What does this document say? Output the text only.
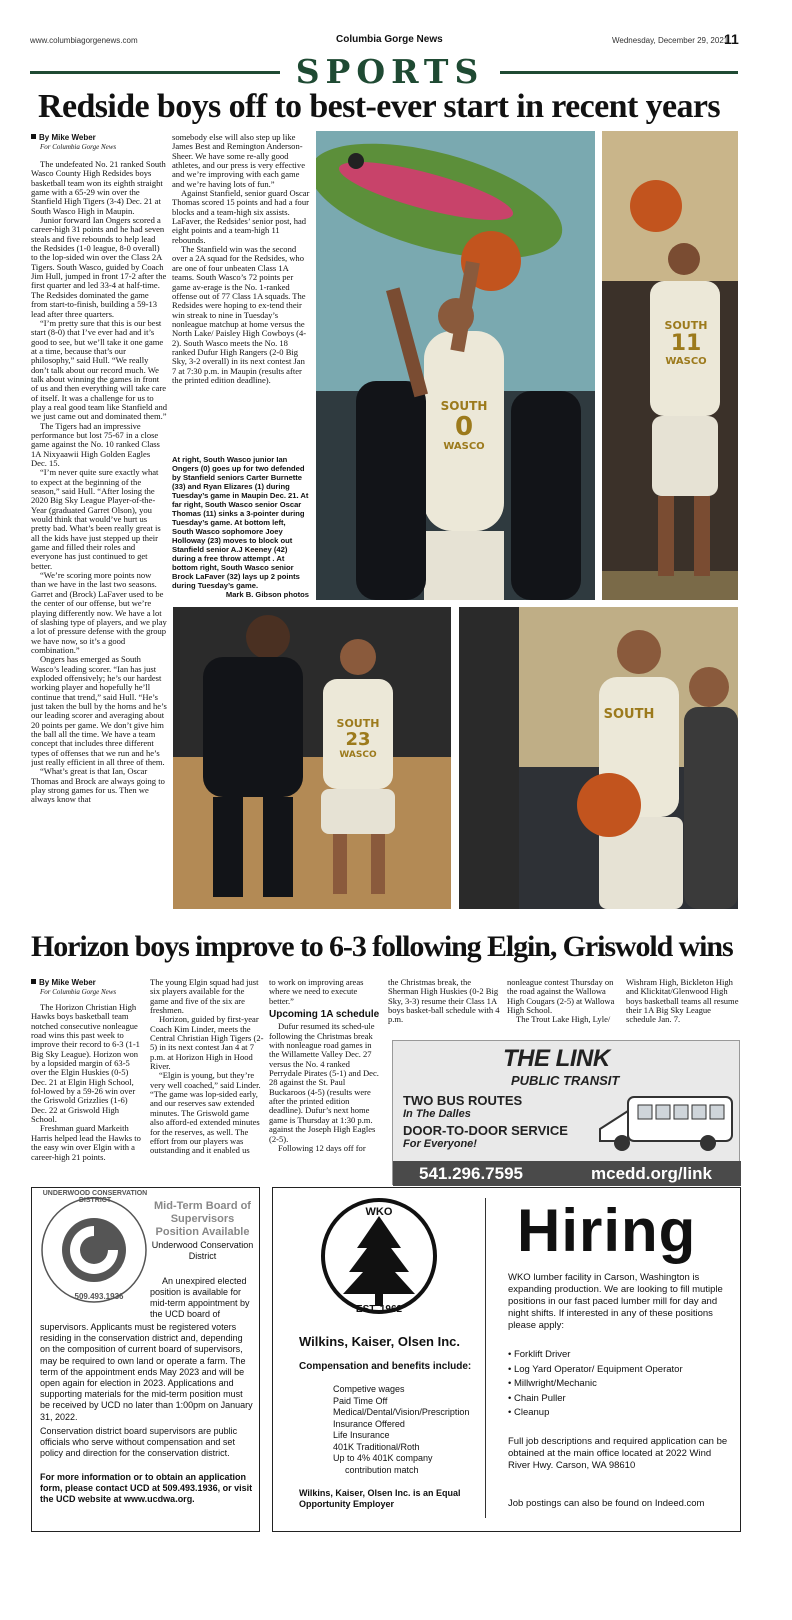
www.columbiagorgenews.com	Columbia Gorge News	Wednesday, December 29, 2021
11
SPORTS
Redside boys off to best-ever start in recent years
By Mike Weber
For Columbia Gorge News

The undefeated No. 21 ranked South Wasco County High Redsides boys basketball team won its eighth straight game with a 65-29 win over the Stanfield High Tigers (3-4) Dec. 21 at South Wasco High in Maupin.

Junior forward Ian Ongers scored a career-high 31 points and he had seven steals and five rebounds to help lead the Redsides (1-0 league, 8-0 overall) to the lop-sided win over the Class 2A Tigers. South Wasco, guided by Coach Jim Hull, jumped in front 17-2 after the first quarter and led 33-4 at half-time. The Redsides dominated the game from start-to-finish, building a 59-13 lead after three quarters.

“I’m pretty sure that this is our best start (8-0) that I’ve ever had and it’s good to see, but we’ll take it one game at a time, because that’s our philosophy,” said Hull. “We really don’t talk about our record much. We talk about winning the games in front of us and then everything will take care of itself. It was a challenge for us to play a real good team like Stanfield and we just came out and dominated them.”

The Tigers had an impressive performance but lost 75-67 in a close game against the No. 10 ranked Class 1A Nixyaawii High Golden Eagles Dec. 15.

“I’m never quite sure exactly what to expect at the beginning of the season,” said Hull. “After losing the 2020 Big Sky League Player-of-the-Year (graduated Garret Olson), you would think that would’ve hurt us pretty bad. What’s been really great is all the kids have just stepped up their game and filled their roles and everyone has just continued to get better.

“We’re scoring more points now than we have in the last two seasons. Garret and (Brock) LaFaver used to be the center of our offense, but we’re playing differently now. We have a lot of slashing type of players, and we play a lot of pressure defense with the group we have now, so it’s a good combination.”

Ongers has emerged as South Wasco’s leading scorer. “Ian has just exploded offensively; he’s our hardest working player and hopefully he’ll continue that trend,” said Hull. “He’s just taken the bull by the horns and he’s our leading scorer and averaging about 20 points per game. We don’t give him the ball all the time. We have a team concept that includes three different types of offenses that we run and he’s just really efficient in all three of them.

“What’s great is that Ian, Oscar Thomas and Brock are always going to play strong games for us. Then we always know that

somebody else will also step up like James Best and Remington Anderson-Sheer. We have some re-ally good athletes, and our press is very effective and we’re improving with each game and we’re having lots of fun.”

Against Stanfield, senior guard Oscar Thomas scored 15 points and had a four blocks and a team-high six assists. LaFaver, the Redsides’ senior post, had eight points and a team-high 11 rebounds.

The Stanfield win was the second over a 2A squad for the Redsides, who are one of four unbeaten Class 1A teams. South Wasco’s 72 points per game av-erage is the No. 1-ranked offense out of 77 Class 1A squads. The Redsides were hoping to ex-tend their win streak to nine in Tuesday’s nonleague matchup at home versus the North Lake/ Paisley High Cowboys (4-2). South Wasco meets the No. 18 ranked Dufur High Rangers (2-0 Big Sky, 3-2 overall) in its next contest Jan 7 at 7:30 p.m. in Maupin (results after the printed edition deadline).

At right, South Wasco junior Ian Ongers (0) goes up for two defended by Stanfield seniors Carter Burnette (33) and Ryan Elizares (1) during Tuesday’s game in Maupin Dec. 21. At far right, South Wasco senior Oscar Thomas (11) sinks a 3-pointer during Tuesday’s game. At bottom left, South Wasco sophomore Joey Holloway (23) moves to block out Stanfield senior A.J Keeney (42) during a free throw attempt . At bottom right, South Wasco senior Brock LaFaver (32) lays up 2 points during Tuesday’s game.
Mark B. Gibson photos
SOUTH
0
WASCO
SOUTH
11
WASCO
SOUTH
23
WASCO
SOUTH
Horizon boys improve to 6-3 following Elgin, Griswold wins
By Mike Weber
For Columbia Gorge News

The Horizon Christian High Hawks boys basketball team notched consecutive nonleague road wins this past week to improve their record to 6-3 (1-1 Big Sky League). Horizon won by a lopsided margin of 63-5 over the Elgin Huskies (0-5) Dec. 21 at Elgin High School, fol-lowed by a 59-26 win over the Griswold Grizzlies (1-6) Dec. 22 at Griswold High School.

Freshman guard Markeith Harris helped lead the Hawks to the easy win over Elgin with a career-high 21 points.

The young Elgin squad had just six players available for the game and five of the six are freshmen.

Horizon, guided by first-year Coach Kim Linder, meets the Central Christian High Tigers (2-5) in its next contest Jan 4 at 7 p.m. at Horizon High in Hood River.

“Elgin is young, but they’re very well coached,” said Linder. “The game was lop-sided early, and our reserves saw extended minutes. The Griswold game also afford-ed extended minutes for the reserves, as well. The effort from our players was outstanding and it enabled us

to work on improving areas where we need to execute better.”

Upcoming 1A schedule

Dufur resumed its sched-ule following the Christmas break with nonleague road games in the Willamette Valley Dec. 27 versus the No. 4 ranked Perrydale Pirates (5-1) and Dec. 28 against the St. Paul Buckaroos (4-5) (results were after the printed edition deadline). Dufur’s next home game is Thursday at 1:30 p.m. against the Joseph High Eagles (2-5).

Following 12 days off for

the Christmas break, the Sherman High Huskies (0-2 Big Sky, 3-3) resume their Class 1A boys basket-ball schedule with 4 p.m.

nonleague contest Thursday on the road against the Wallowa High Cougars (2-5) at Wallowa High School.

The Trout Lake High, Lyle/

Wishram High, Bickleton High and Klickitat/Glenwood High boys basketball teams all resume their 1A Big Sky League schedule Jan. 7.

THE LINK
PUBLIC TRANSIT
TWO BUS ROUTES
In The Dalles
DOOR-TO-DOOR SERVICE
For Everyone!
541.296.7595	mcedd.org/link
UNDERWOOD CONSERVATION DISTRICT
509.493.1936
Mid-Term Board of Supervisors Position Available
Underwood Conservation District
An unexpired elected position is available for mid-term appointment by the UCD board of
supervisors. Applicants must be registered voters residing in the conservation district and, depending on the composition of current board of supervisors, may be required to own land or operate a farm. The term of the appointment ends May 2023 and will be open again for election in 2023. Applications and supporting materials for the mid-term position must be received by UCD no later than 1:00pm on January 31, 2022.
Conservation district board supervisors are public officials who serve without compensation and set policy and direction for the conservation district.
For more information or to obtain an application form, please contact UCD at 509.493.1936, or visit the UCD website at www.ucdwa.org.
WKO
EST. 1962
Wilkins, Kaiser, Olsen Inc.
Compensation and benefits include:
Competive wages
Paid Time Off
Medical/Dental/Vision/Prescription
Insurance Offered
Life Insurance
401K Traditional/Roth
Up to 4% 401K company
contribution match
Wilkins, Kaiser, Olsen Inc. is an Equal Opportunity Employer
Hiring
WKO lumber facility in Carson, Washington is expanding production. We are looking to fill mutiple positions in our fast paced lumber mill for day and night shifts. If interested in any of these positions please apply:
• Forklift Driver
• Log Yard Operator/ Equipment Operator
• Millwright/Mechanic
• Chain Puller
• Cleanup
Full job descriptions and required application can be obtained at the main office located at 2022 Wind River Hwy. Carson, WA 98610
Job postings can also be found on Indeed.com
